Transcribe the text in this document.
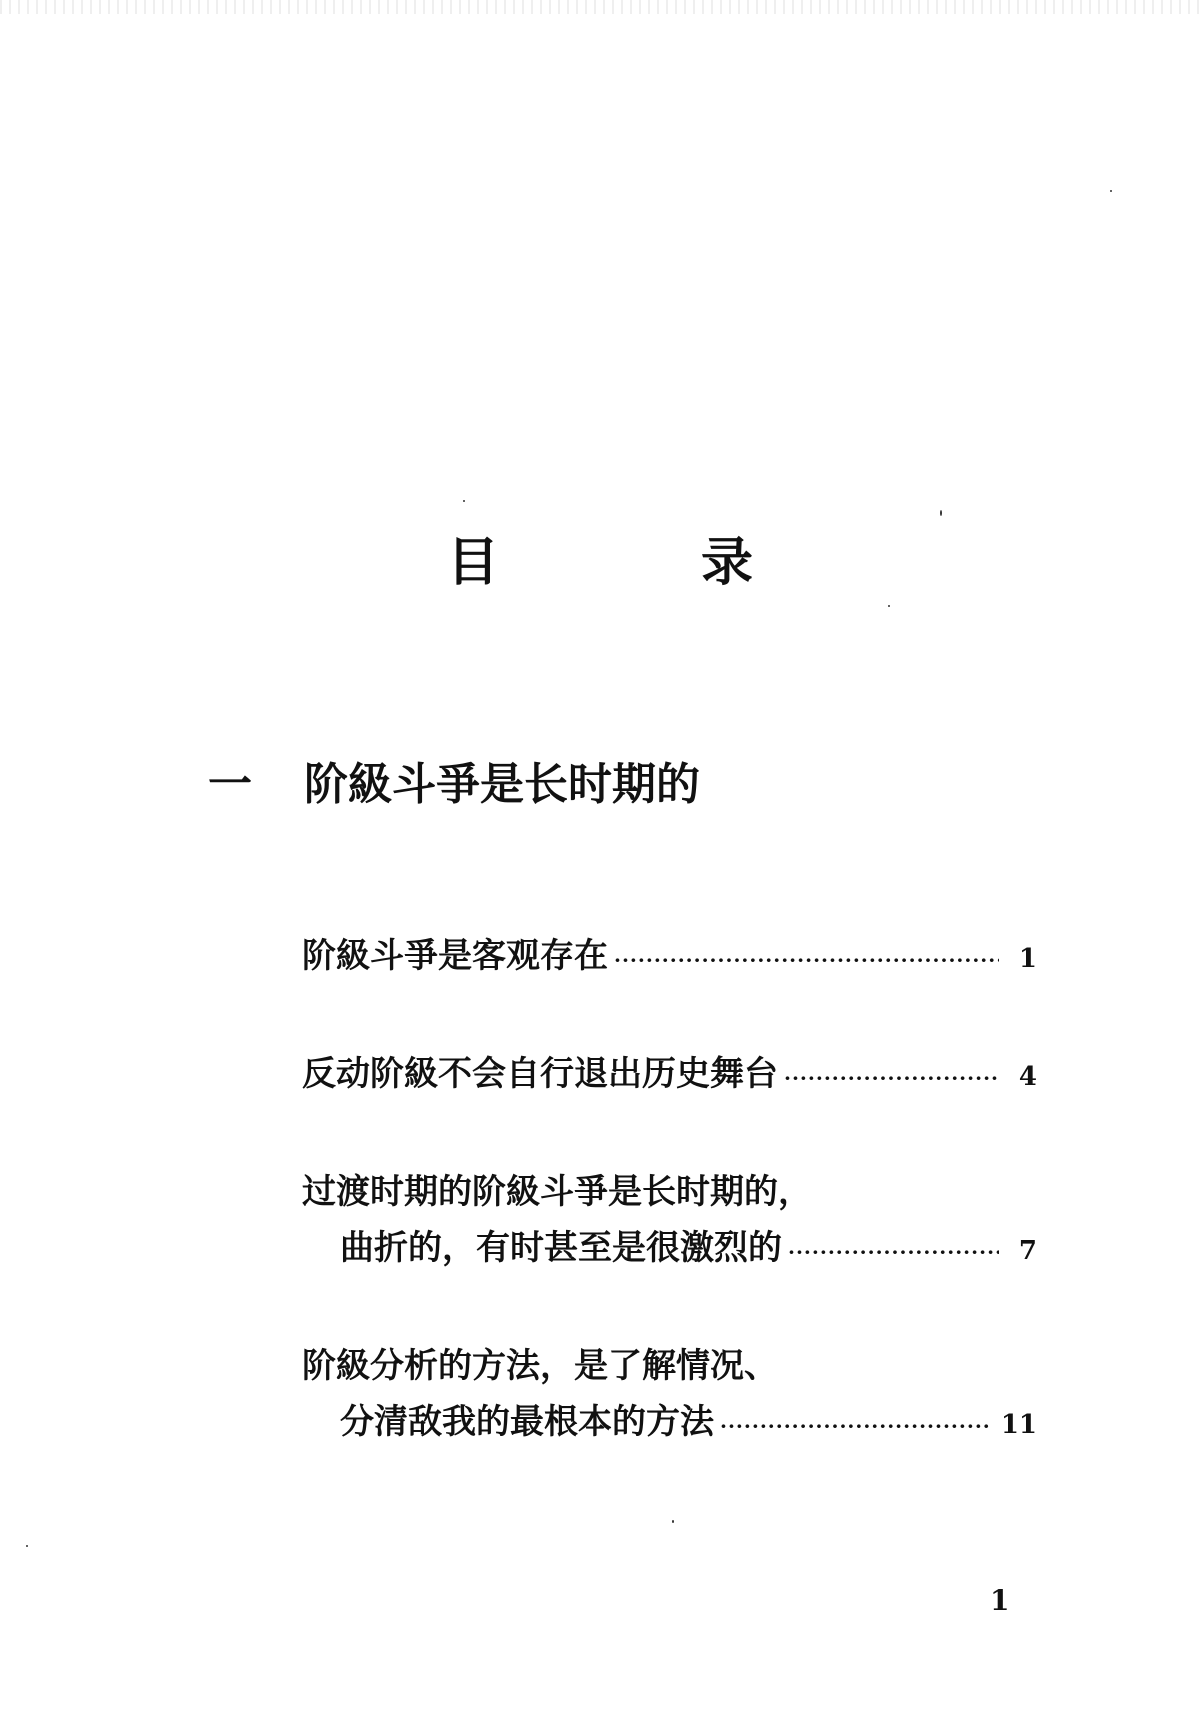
目 录
一	阶級斗爭是长时期的
阶級斗爭是客观存在 ·····	1
反动阶級不会自行退出历史舞台 ·····	4
过渡时期的阶級斗爭是长时期的，
曲折的，有时甚至是很激烈的 ·····	7
阶級分析的方法，是了解情况、
分清敌我的最根本的方法 ·····	11
1
